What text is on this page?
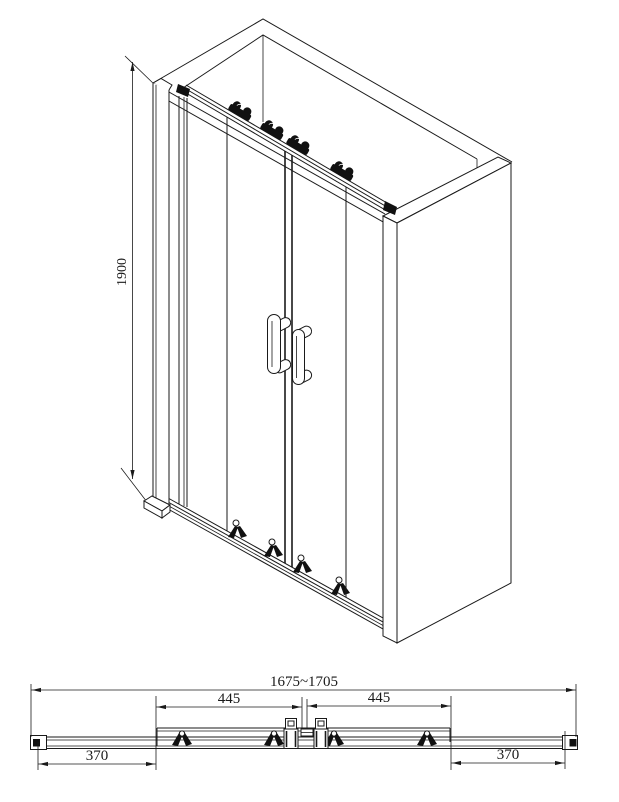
1900
1675~1705
445	445
370	370
